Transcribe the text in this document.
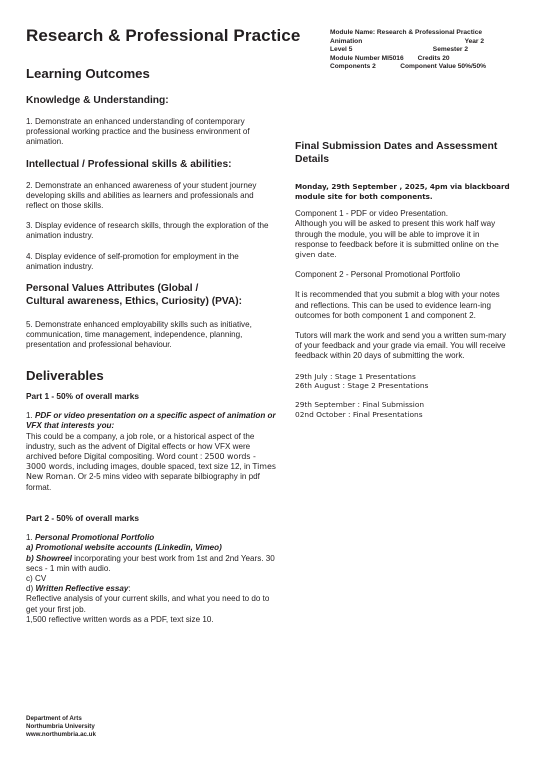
Research & Professional Practice	Module Name: Research & Professional Practice
Animation	Year 2
Level 5	Semester 2
Module Number MI5016 Credits 20
Components 2	Component Value 50%/50%
Learning Outcomes
Knowledge & Understanding:

1. Demonstrate an enhanced understanding of contemporary professional working practice and the business environment of animation.

Intellectual / Professional skills & abilities:

2. Demonstrate an enhanced awareness of your student journey developing skills and abilities as learners and professionals and reflect on those skills.

3. Display evidence of research skills, through the exploration of the animation industry.

4. Display evidence of self-promotion for employment in the animation industry.

Personal Values Attributes (Global /
Cultural awareness, Ethics, Curiosity) (PVA):

5. Demonstrate enhanced employability skills such as initiative, communication, time management, independence, planning, presentation and professional behaviour.

Deliverables

Part 1 - 50% of overall marks

1. PDF or video presentation on a specific aspect of animation or VFX that interests you:
This could be a company, a job role, or a historical aspect of the industry, such as the advent of Digital effects or how VFX were archived before Digital compositing. Word count : 2500 words - 3000 words, including images, double spaced, text size 12, in Times New Roman. Or 2-5 mins video with separate bilbiography in pdf format.

Part 2 - 50% of overall marks

1. Personal Promotional Portfolio
a) Promotional website accounts (Linkedin, Vimeo)
b) Showreel incorporating your best work from 1st and 2nd Years. 30 secs - 1 min with audio.
c) CV
d) Written Reflective essay:
Reflective analysis of your current skills, and what you need to do to get your first job.
1,500 reflective written words as a PDF, text size 10.

Final Submission Dates and Assessment Details

Monday, 29th September , 2025, 4pm via blackboard module site for both components.

Component 1 - PDF or video Presentation.
Although you will be asked to present this work half way through the module, you will be able to improve it in response to feedback before it is submitted online on the given date.

Component 2 - Personal Promotional Portfolio

It is recommended that you submit a blog with your notes and reflections. This can be used to evidence learn-ing outcomes for both component 1 and component 2.

Tutors will mark the work and send you a written sum-mary of your feedback and your grade via email. You will receive feedback within 20 days of submitting the work.

29th July : Stage 1 Presentations
26th August : Stage 2 Presentations

29th September : Final Submission
02nd October : Final Presentations

Department of Arts
Northumbria University
www.northumbria.ac.uk
